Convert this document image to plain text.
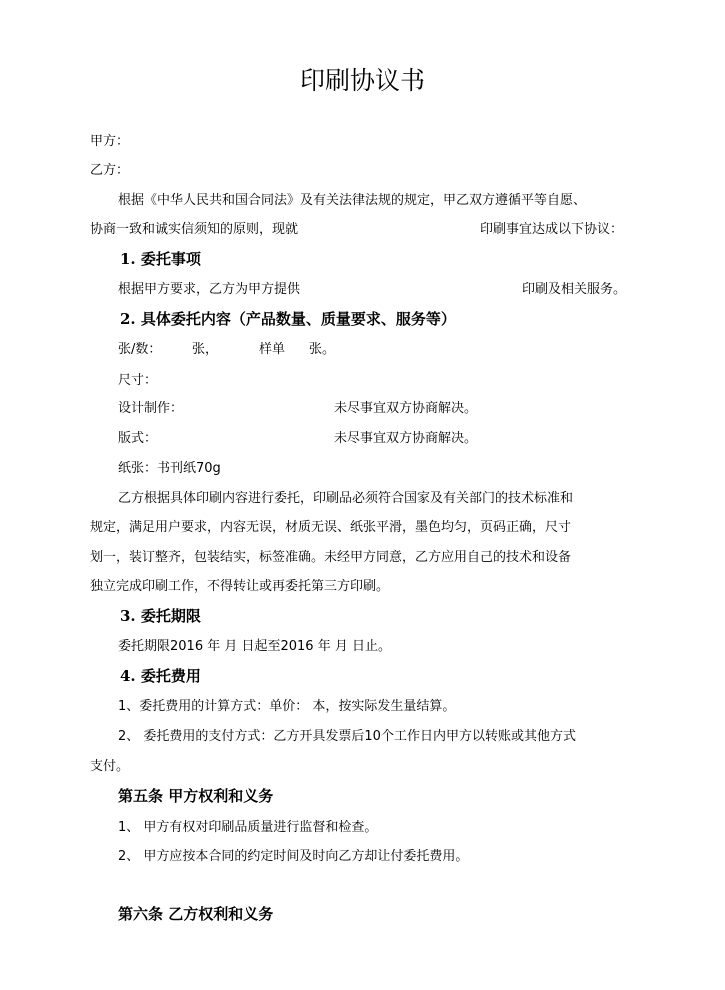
印刷协议书
甲方：
乙方：
根据《中华人民共和国合同法》及有关法律法规的规定，甲乙双方遵循平等自愿、
协商一致和诚实信须知的原则，现就	印刷事宜达成以下协议：
1. 委托事项
根据甲方要求，乙方为甲方提供	印刷及相关服务。
2. 具体委托内容（产品数量、质量要求、服务等）
张/数： 张，	样单 张。
尺寸：
设计制作：	未尽事宜双方协商解决。
版式：	未尽事宜双方协商解决。
纸张：书刊纸70g
乙方根据具体印刷内容进行委托，印刷品必须符合国家及有关部门的技术标准和
规定，满足用户要求，内容无误，材质无误、纸张平滑，墨色均匀，页码正确，尺寸
划一，装订整齐，包装结实，标签准确。未经甲方同意，乙方应用自己的技术和设备
独立完成印刷工作，不得转让或再委托第三方印刷。
3. 委托期限
委托期限2016 年 月 日起至2016 年 月 日止。
4. 委托费用
1、委托费用的计算方式：单价： 本，按实际发生量结算。
2、 委托费用的支付方式：乙方开具发票后10个工作日内甲方以转账或其他方式
支付。
第五条 甲方权利和义务
1、 甲方有权对印刷品质量进行监督和检查。
2、 甲方应按本合同的约定时间及时向乙方却让付委托费用。
第六条 乙方权利和义务
